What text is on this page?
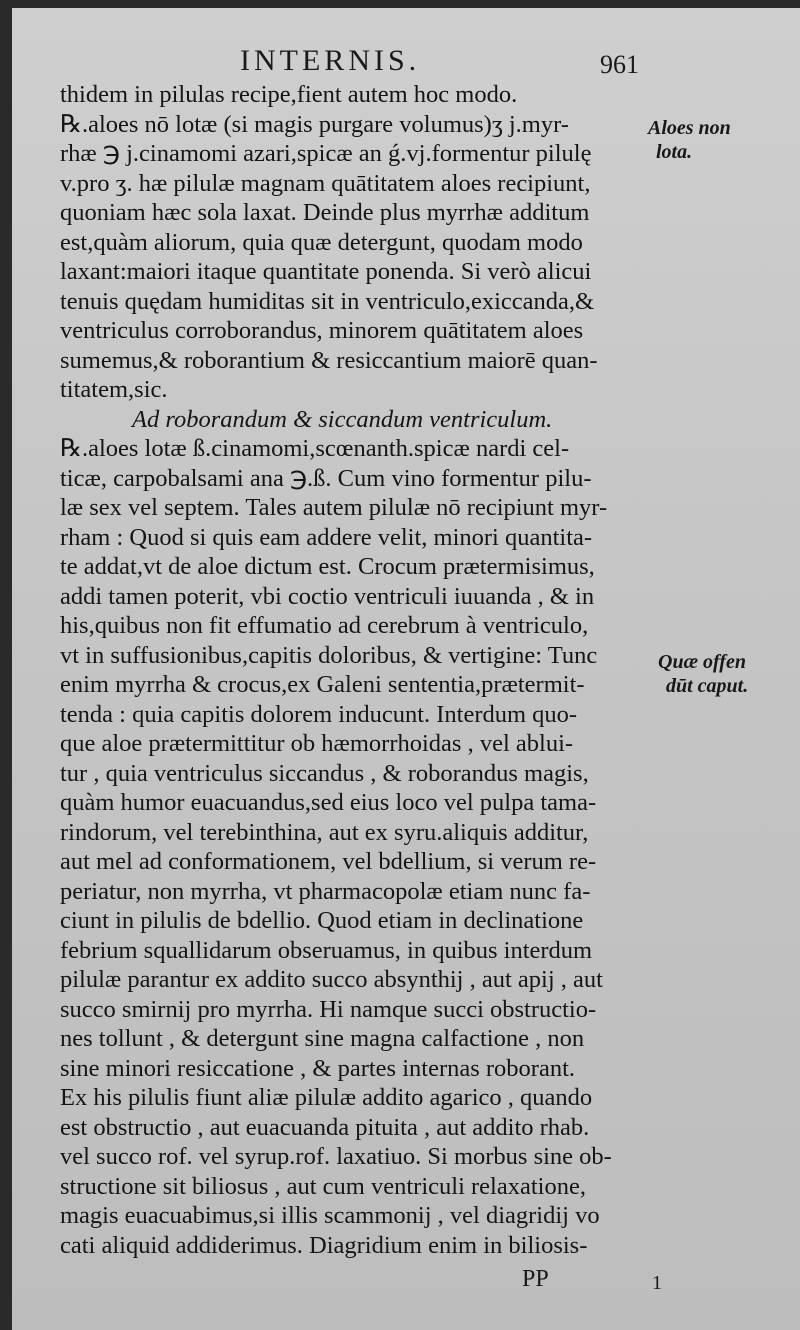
INTERNIS.	961
thidem in pilulas recipe,fient autem hoc modo.
℞.aloes nō lotæ (si magis purgare volumus)ʒ j.myr-
rhæ ℈ j.cinamomi azari,spicæ an ǵ.vj.formentur pilulę
v.pro ʒ. hæ pilulæ magnam quātitatem aloes recipiunt,
quoniam hæc sola laxat. Deinde plus myrrhæ additum
est,quàm aliorum, quia quæ detergunt, quodam modo
laxant:maiori itaque quantitate ponenda. Si verò alicui
tenuis quędam humiditas sit in ventriculo,exiccanda,&
ventriculus corroborandus, minorem quātitatem aloes
sumemus,& roborantium & resiccantium maiorē quan-
titatem,sic.
Ad roborandum & siccandum ventriculum.
℞.aloes lotæ ß.cinamomi,scœnanth.spicæ nardi cel-
ticæ, carpobalsami ana ℈.ß. Cum vino formentur pilu-
læ sex vel septem. Tales autem pilulæ nō recipiunt myr-
rham : Quod si quis eam addere velit, minori quantita-
te addat,vt de aloe dictum est. Crocum prætermisimus,
addi tamen poterit, vbi coctio ventriculi iuuanda , & in
his,quibus non fit effumatio ad cerebrum à ventriculo,
vt in suffusionibus,capitis doloribus, & vertigine: Tunc
enim myrrha & crocus,ex Galeni sententia,prætermit-
tenda : quia capitis dolorem inducunt. Interdum quo-
que aloe prætermittitur ob hæmorrhoidas , vel ablui-
tur , quia ventriculus siccandus , & roborandus magis,
quàm humor euacuandus,sed eius loco vel pulpa tama-
rindorum, vel terebinthina, aut ex syru.aliquis additur,
aut mel ad conformationem, vel bdellium, si verum re-
periatur, non myrrha, vt pharmacopolæ etiam nunc fa-
ciunt in pilulis de bdellio. Quod etiam in declinatione
febrium squallidarum obseruamus, in quibus interdum
pilulæ parantur ex addito succo absynthij , aut apij , aut
succo smirnij pro myrrha. Hi namque succi obstructio-
nes tollunt , & detergunt sine magna calfactione , non
sine minori resiccatione , & partes internas roborant.
Ex his pilulis fiunt aliæ pilulæ addito agarico , quando
est obstructio , aut euacuanda pituita , aut addito rhab.
vel succo rof. vel syrup.rof. laxatiuo. Si morbus sine ob-
structione sit biliosus , aut cum ventriculi relaxatione,
magis euacuabimus,si illis scammonij , vel diagridij vo
cati aliquid addiderimus. Diagridium enim in biliosis-
Aloes non
lota.
Quæ offen
dūt caput.
PP	1
